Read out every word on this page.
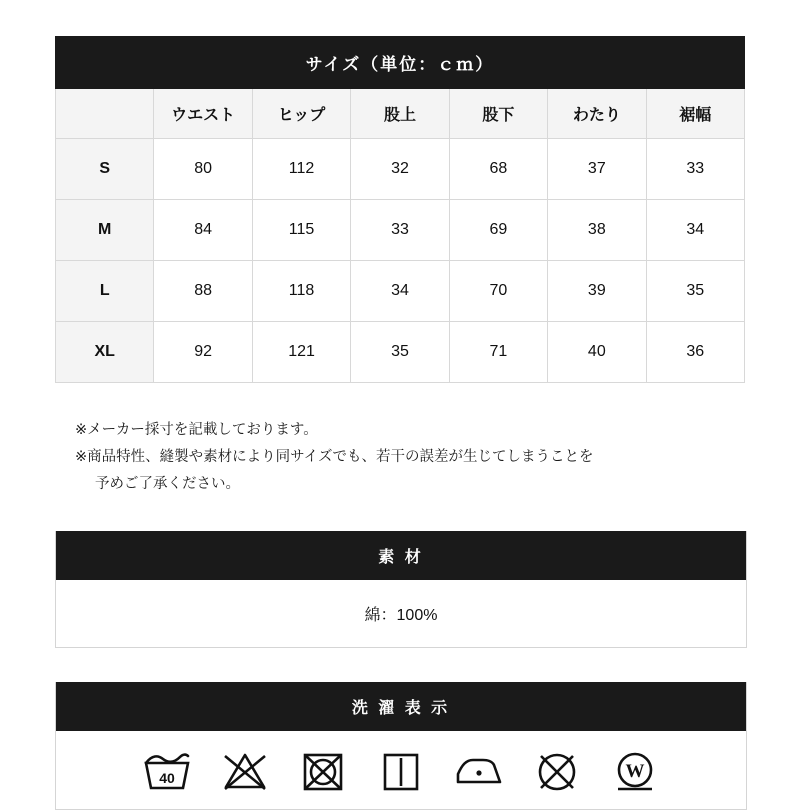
サイズ（単位：ｃｍ）						
	ウエスト	ヒップ	股上	股下	わたり	裾幅
S	80	112	32	68	37	33
M	84	115	33	69	38	34
L	88	118	34	70	39	35
XL	92	121	35	71	40	36
※メーカー採寸を記載しております。
※商品特性、縫製や素材により同サイズでも、若干の誤差が生じてしまうことを
予めご了承ください。
素 材
綿：100%
洗 濯 表 示
40	W
